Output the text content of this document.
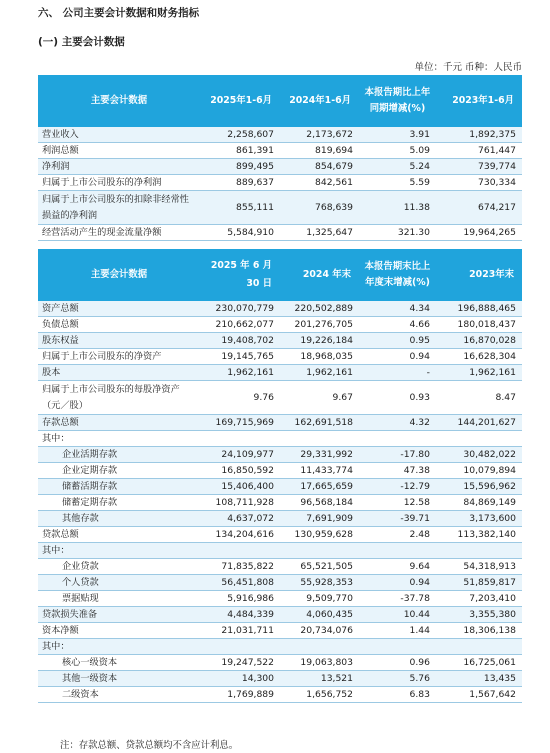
六、 公司主要会计数据和财务指标
(一) 主要会计数据
单位：千元 币种：人民币
主要会计数据	2025年1-6月	2024年1-6月	本报告期比上年同期增减(%)	2023年1-6月
营业收入	2,258,607	2,173,672	3.91	1,892,375
利润总额	861,391	819,694	5.09	761,447
净利润	899,495	854,679	5.24	739,774
归属于上市公司股东的净利润	889,637	842,561	5.59	730,334
归属于上市公司股东的扣除非经常性损益的净利润	855,111	768,639	11.38	674,217
经营活动产生的现金流量净额	5,584,910	1,325,647	321.30	19,964,265
主要会计数据	2025 年 6 月 30 日	2024 年末	本报告期末比上年度末增减(%)	2023年末
资产总额	230,070,779	220,502,889	4.34	196,888,465
负债总额	210,662,077	201,276,705	4.66	180,018,437
股东权益	19,408,702	19,226,184	0.95	16,870,028
归属于上市公司股东的净资产	19,145,765	18,968,035	0.94	16,628,304
股本	1,962,161	1,962,161	-	1,962,161
归属于上市公司股东的每股净资产（元／股）	9.76	9.67	0.93	8.47
存款总额	169,715,969	162,691,518	4.32	144,201,627
其中：				
企业活期存款	24,109,977	29,331,992	-17.80	30,482,022
企业定期存款	16,850,592	11,433,774	47.38	10,079,894
储蓄活期存款	15,406,400	17,665,659	-12.79	15,596,962
储蓄定期存款	108,711,928	96,568,184	12.58	84,869,149
其他存款	4,637,072	7,691,909	-39.71	3,173,600
贷款总额	134,204,616	130,959,628	2.48	113,382,140
其中：				
企业贷款	71,835,822	65,521,505	9.64	54,318,913
个人贷款	56,451,808	55,928,353	0.94	51,859,817
票据贴现	5,916,986	9,509,770	-37.78	7,203,410
贷款损失准备	4,484,339	4,060,435	10.44	3,355,380
资本净额	21,031,711	20,734,076	1.44	18,306,138
其中：				
核心一级资本	19,247,522	19,063,803	0.96	16,725,061
其他一级资本	14,300	13,521	5.76	13,435
二级资本	1,769,889	1,656,752	6.83	1,567,642
注：存款总额、贷款总额均不含应计利息。
